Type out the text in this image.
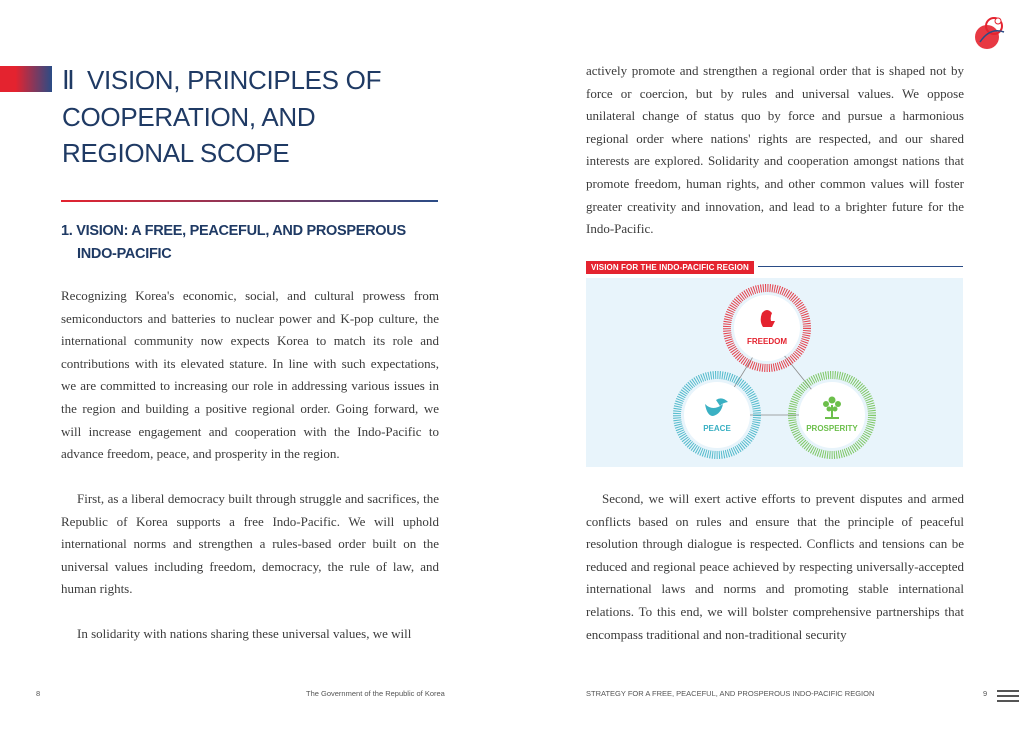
Ⅱ VISION, PRINCIPLES OF COOPERATION, AND REGIONAL SCOPE
1. VISION: A FREE, PEACEFUL, AND PROSPEROUS INDO-PACIFIC

Recognizing Korea's economic, social, and cultural prowess from semiconductors and batteries to nuclear power and K-pop culture, the international community now expects Korea to match its role and contributions with its elevated stature. In line with such expectations, we are committed to increasing our role in addressing various issues in the region and building a positive regional order. Going forward, we will increase engagement and cooperation with the Indo-Pacific to advance freedom, peace, and prosperity in the region.

First, as a liberal democracy built through struggle and sacrifices, the Republic of Korea supports a free Indo-Pacific. We will uphold international norms and strengthen a rules-based order built on the universal values including freedom, democracy, the rule of law, and human rights.

In solidarity with nations sharing these universal values, we will

8	The Government of the Republic of Korea

actively promote and strengthen a regional order that is shaped not by force or coercion, but by rules and universal values. We oppose unilateral change of status quo by force and pursue a harmonious regional order where nations' rights are respected, and our shared interests are explored. Solidarity and cooperation amongst nations that promote freedom, human rights, and other common values will foster greater creativity and innovation, and lead to a brighter future for the Indo-Pacific.

VISION FOR THE INDO-PACIFIC REGION
FREEDOM
PEACE	PROSPERITY

Second, we will exert active efforts to prevent disputes and armed conflicts based on rules and ensure that the principle of peaceful resolution through dialogue is respected. Conflicts and tensions can be reduced and regional peace achieved by respecting universally-accepted international laws and norms and promoting stable international relations. To this end, we will bolster comprehensive partnerships that encompass traditional and non-traditional security

STRATEGY FOR A FREE, PEACEFUL, AND PROSPEROUS INDO-PACIFIC REGION	9
